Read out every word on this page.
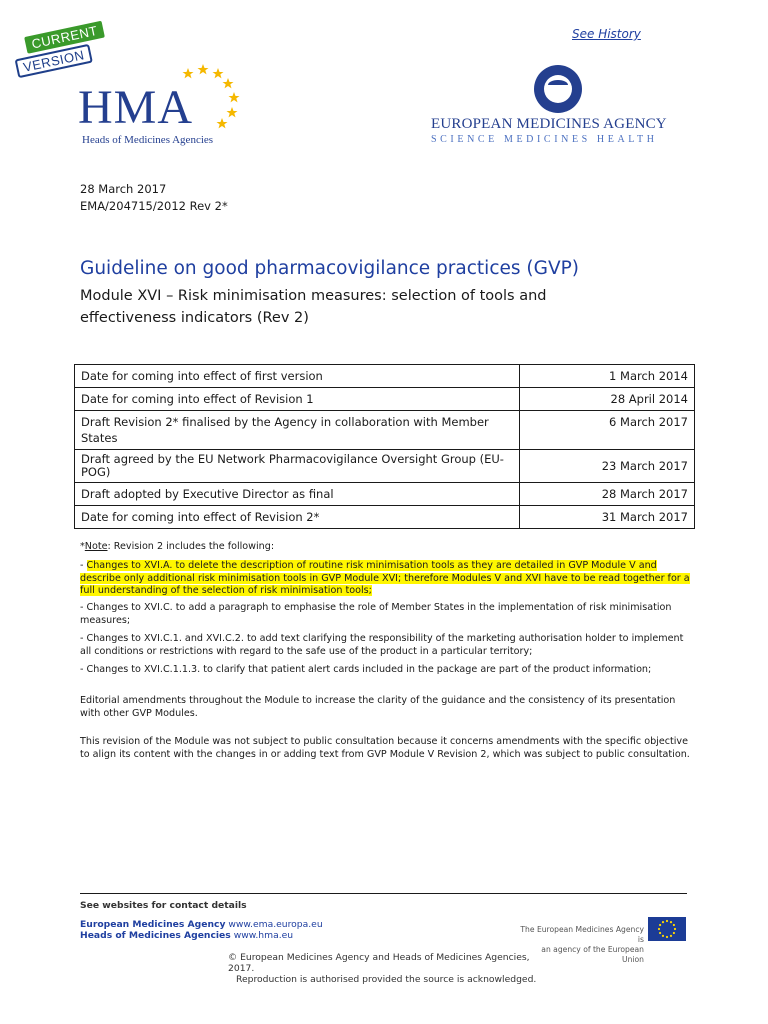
CURRENT
VERSION
See History
HMA
Heads of Medicines Agencies
EUROPEAN MEDICINES AGENCY
SCIENCE MEDICINES HEALTH
28 March 2017
EMA/204715/2012 Rev 2*
Guideline on good pharmacovigilance practices (GVP)
Module XVI – Risk minimisation measures: selection of tools and effectiveness indicators (Rev 2)
Date for coming into effect of first version	1 March 2014
Date for coming into effect of Revision 1	28 April 2014
Draft Revision 2* finalised by the Agency in collaboration with Member States	6 March 2017
Draft agreed by the EU Network Pharmacovigilance Oversight Group (EU-POG)	23 March 2017
Draft adopted by Executive Director as final	28 March 2017
Date for coming into effect of Revision 2*	31 March 2017
*Note: Revision 2 includes the following:
- Changes to XVI.A. to delete the description of routine risk minimisation tools as they are detailed in GVP Module V and describe only additional risk minimisation tools in GVP Module XVI; therefore Modules V and XVI have to be read together for a full understanding of the selection of risk minimisation tools;
- Changes to XVI.C. to add a paragraph to emphasise the role of Member States in the implementation of risk minimisation measures;
- Changes to XVI.C.1. and XVI.C.2. to add text clarifying the responsibility of the marketing authorisation holder to implement all conditions or restrictions with regard to the safe use of the product in a particular territory;
- Changes to XVI.C.1.1.3. to clarify that patient alert cards included in the package are part of the product information;
Editorial amendments throughout the Module to increase the clarity of the guidance and the consistency of its presentation with other GVP Modules.
This revision of the Module was not subject to public consultation because it concerns amendments with the specific objective to align its content with the changes in or adding text from GVP Module V Revision 2, which was subject to public consultation.
See websites for contact details
European Medicines Agency www.ema.europa.eu
Heads of Medicines Agencies www.hma.eu
The European Medicines Agency is
an agency of the European Union
© European Medicines Agency and Heads of Medicines Agencies, 2017.
Reproduction is authorised provided the source is acknowledged.
